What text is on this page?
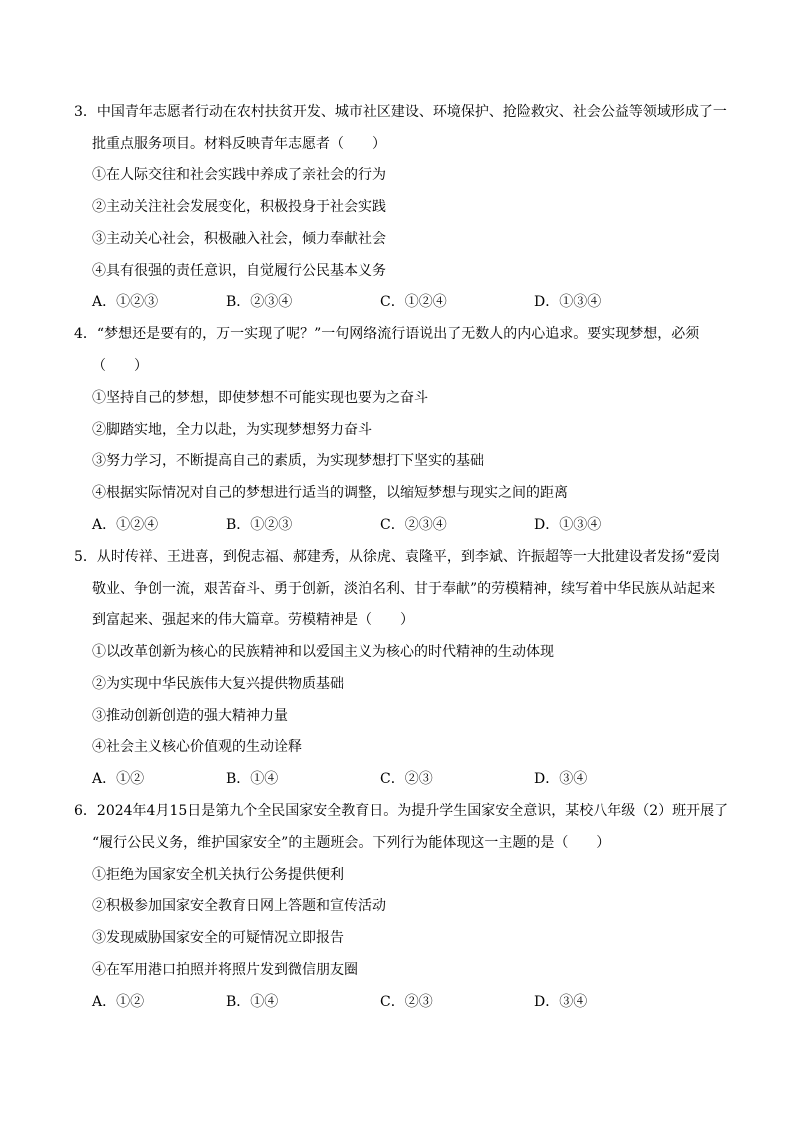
3．中国青年志愿者行动在农村扶贫开发、城市社区建设、环境保护、抢险救灾、社会公益等领域形成了一
批重点服务项目。材料反映青年志愿者（　　）
①在人际交往和社会实践中养成了亲社会的行为
②主动关注社会发展变化，积极投身于社会实践
③主动关心社会，积极融入社会，倾力奉献社会
④具有很强的责任意识，自觉履行公民基本义务
A．①②③	B．②③④	C．①②④	D．①③④
4．“梦想还是要有的，万一实现了呢？”一句网络流行语说出了无数人的内心追求。要实现梦想，必须
（　　）
①坚持自己的梦想，即使梦想不可能实现也要为之奋斗
②脚踏实地，全力以赴，为实现梦想努力奋斗
③努力学习，不断提高自己的素质，为实现梦想打下坚实的基础
④根据实际情况对自己的梦想进行适当的调整，以缩短梦想与现实之间的距离
A．①②④	B．①②③	C．②③④	D．①③④
5．从时传祥、王进喜，到倪志福、郝建秀，从徐虎、袁隆平，到李斌、许振超等一大批建设者发扬“爱岗
敬业、争创一流，艰苦奋斗、勇于创新，淡泊名利、甘于奉献”的劳模精神，续写着中华民族从站起来
到富起来、强起来的伟大篇章。劳模精神是（　　）
①以改革创新为核心的民族精神和以爱国主义为核心的时代精神的生动体现
②为实现中华民族伟大复兴提供物质基础
③推动创新创造的强大精神力量
④社会主义核心价值观的生动诠释
A．①②	B．①④	C．②③	D．③④
6．2024年4月15日是第九个全民国家安全教育日。为提升学生国家安全意识，某校八年级（2）班开展了
“履行公民义务，维护国家安全”的主题班会。下列行为能体现这一主题的是（　　）
①拒绝为国家安全机关执行公务提供便利
②积极参加国家安全教育日网上答题和宣传活动
③发现威胁国家安全的可疑情况立即报告
④在军用港口拍照并将照片发到微信朋友圈
A．①②	B．①④	C．②③	D．③④
